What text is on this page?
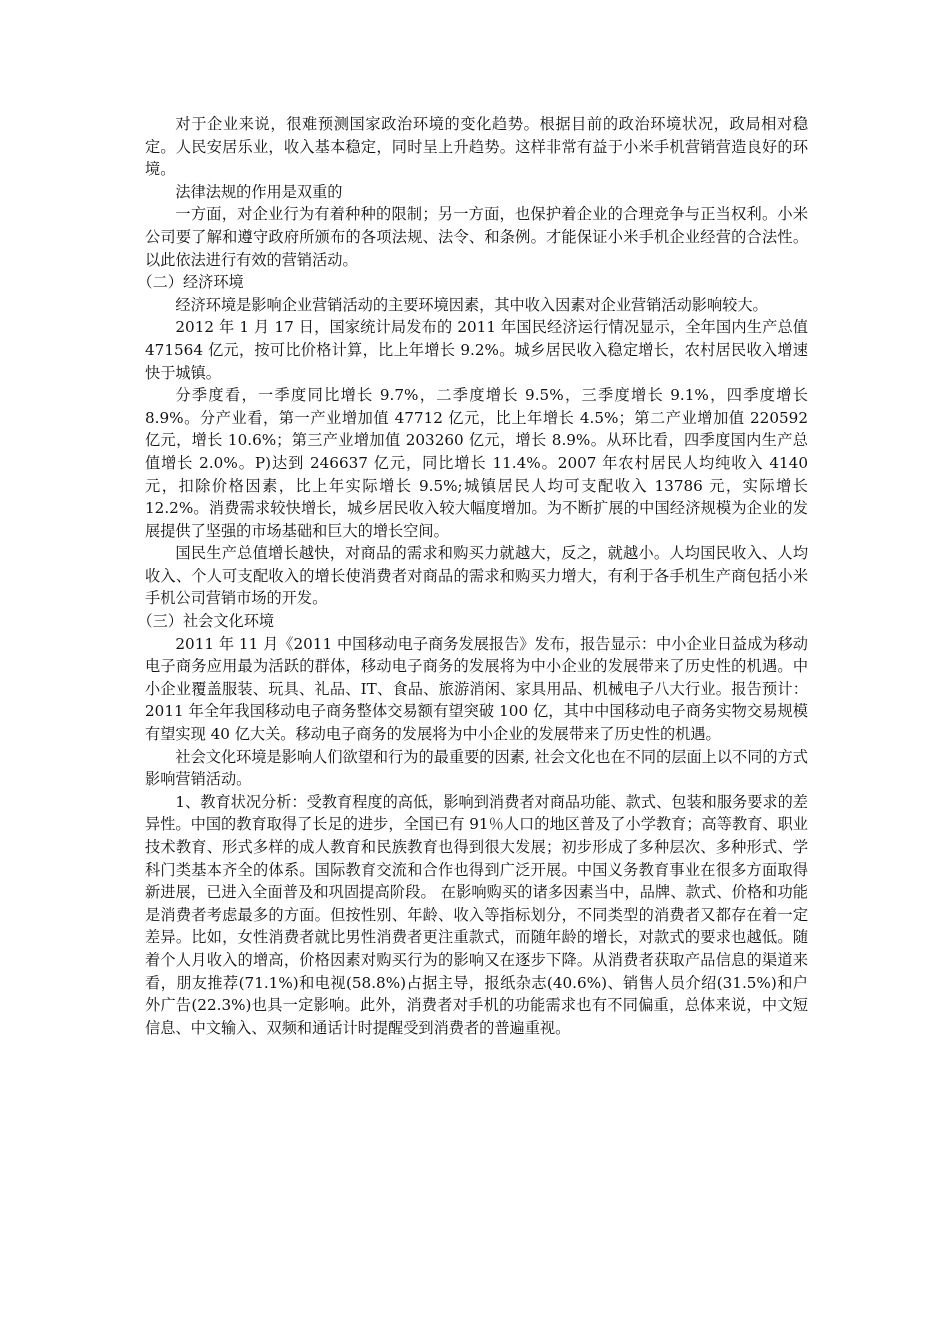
对于企业来说，很难预测国家政治环境的变化趋势。根据目前的政治环境状况，政局相对稳定。人民安居乐业，收入基本稳定，同时呈上升趋势。这样非常有益于小米手机营销营造良好的环境。

法律法规的作用是双重的

一方面，对企业行为有着种种的限制；另一方面，也保护着企业的合理竞争与正当权利。小米公司要了解和遵守政府所颁布的各项法规、法令、和条例。才能保证小米手机企业经营的合法性。以此依法进行有效的营销活动。

（二）经济环境

经济环境是影响企业营销活动的主要环境因素，其中收入因素对企业营销活动影响较大。

2012 年 1 月 17 日，国家统计局发布的 2011 年国民经济运行情况显示，全年国内生产总值 471564 亿元，按可比价格计算，比上年增长 9.2%。城乡居民收入稳定增长，农村居民收入增速快于城镇。

分季度看，一季度同比增长 9.7%，二季度增长 9.5%，三季度增长 9.1%，四季度增长 8.9%。分产业看，第一产业增加值 47712 亿元，比上年增长 4.5%；第二产业增加值 220592 亿元，增长 10.6%；第三产业增加值 203260 亿元，增长 8.9%。从环比看，四季度国内生产总值增长 2.0%。P)达到 246637 亿元，同比增长 11.4%。2007 年农村居民人均纯收入 4140 元，扣除价格因素，比上年实际增长 9.5%;城镇居民人均可支配收入 13786 元，实际增长 12.2%。消费需求较快增长，城乡居民收入较大幅度增加。为不断扩展的中国经济规模为企业的发展提供了坚强的市场基础和巨大的增长空间。

国民生产总值增长越快，对商品的需求和购买力就越大，反之，就越小。人均国民收入、人均收入、个人可支配收入的增长使消费者对商品的需求和购买力增大，有利于各手机生产商包括小米手机公司营销市场的开发。

（三）社会文化环境

2011 年 11 月《2011 中国移动电子商务发展报告》发布，报告显示：中小企业日益成为移动电子商务应用最为活跃的群体，移动电子商务的发展将为中小企业的发展带来了历史性的机遇。中小企业覆盖服装、玩具、礼品、IT、食品、旅游消闲、家具用品、机械电子八大行业。报告预计：2011 年全年我国移动电子商务整体交易额有望突破 100 亿，其中中国移动电子商务实物交易规模有望实现 40 亿大关。移动电子商务的发展将为中小企业的发展带来了历史性的机遇。

社会文化环境是影响人们欲望和行为的最重要的因素, 社会文化也在不同的层面上以不同的方式影响营销活动。

1、教育状况分析：受教育程度的高低，影响到消费者对商品功能、款式、包装和服务要求的差异性。中国的教育取得了长足的进步，全国已有 91％人口的地区普及了小学教育；高等教育、职业技术教育、形式多样的成人教育和民族教育也得到很大发展；初步形成了多种层次、多种形式、学科门类基本齐全的体系。国际教育交流和合作也得到广泛开展。中国义务教育事业在很多方面取得新进展，已进入全面普及和巩固提高阶段。 在影响购买的诸多因素当中，品牌、款式、价格和功能是消费者考虑最多的方面。但按性别、年龄、收入等指标划分，不同类型的消费者又都存在着一定差异。比如，女性消费者就比男性消费者更注重款式，而随年龄的增长，对款式的要求也越低。随着个人月收入的增高，价格因素对购买行为的影响又在逐步下降。从消费者获取产品信息的渠道来看，朋友推荐(71.1%)和电视(58.8%)占据主导，报纸杂志(40.6%)、销售人员介绍(31.5%)和户外广告(22.3%)也具一定影响。此外，消费者对手机的功能需求也有不同偏重，总体来说，中文短信息、中文输入、双频和通话计时提醒受到消费者的普遍重视。
